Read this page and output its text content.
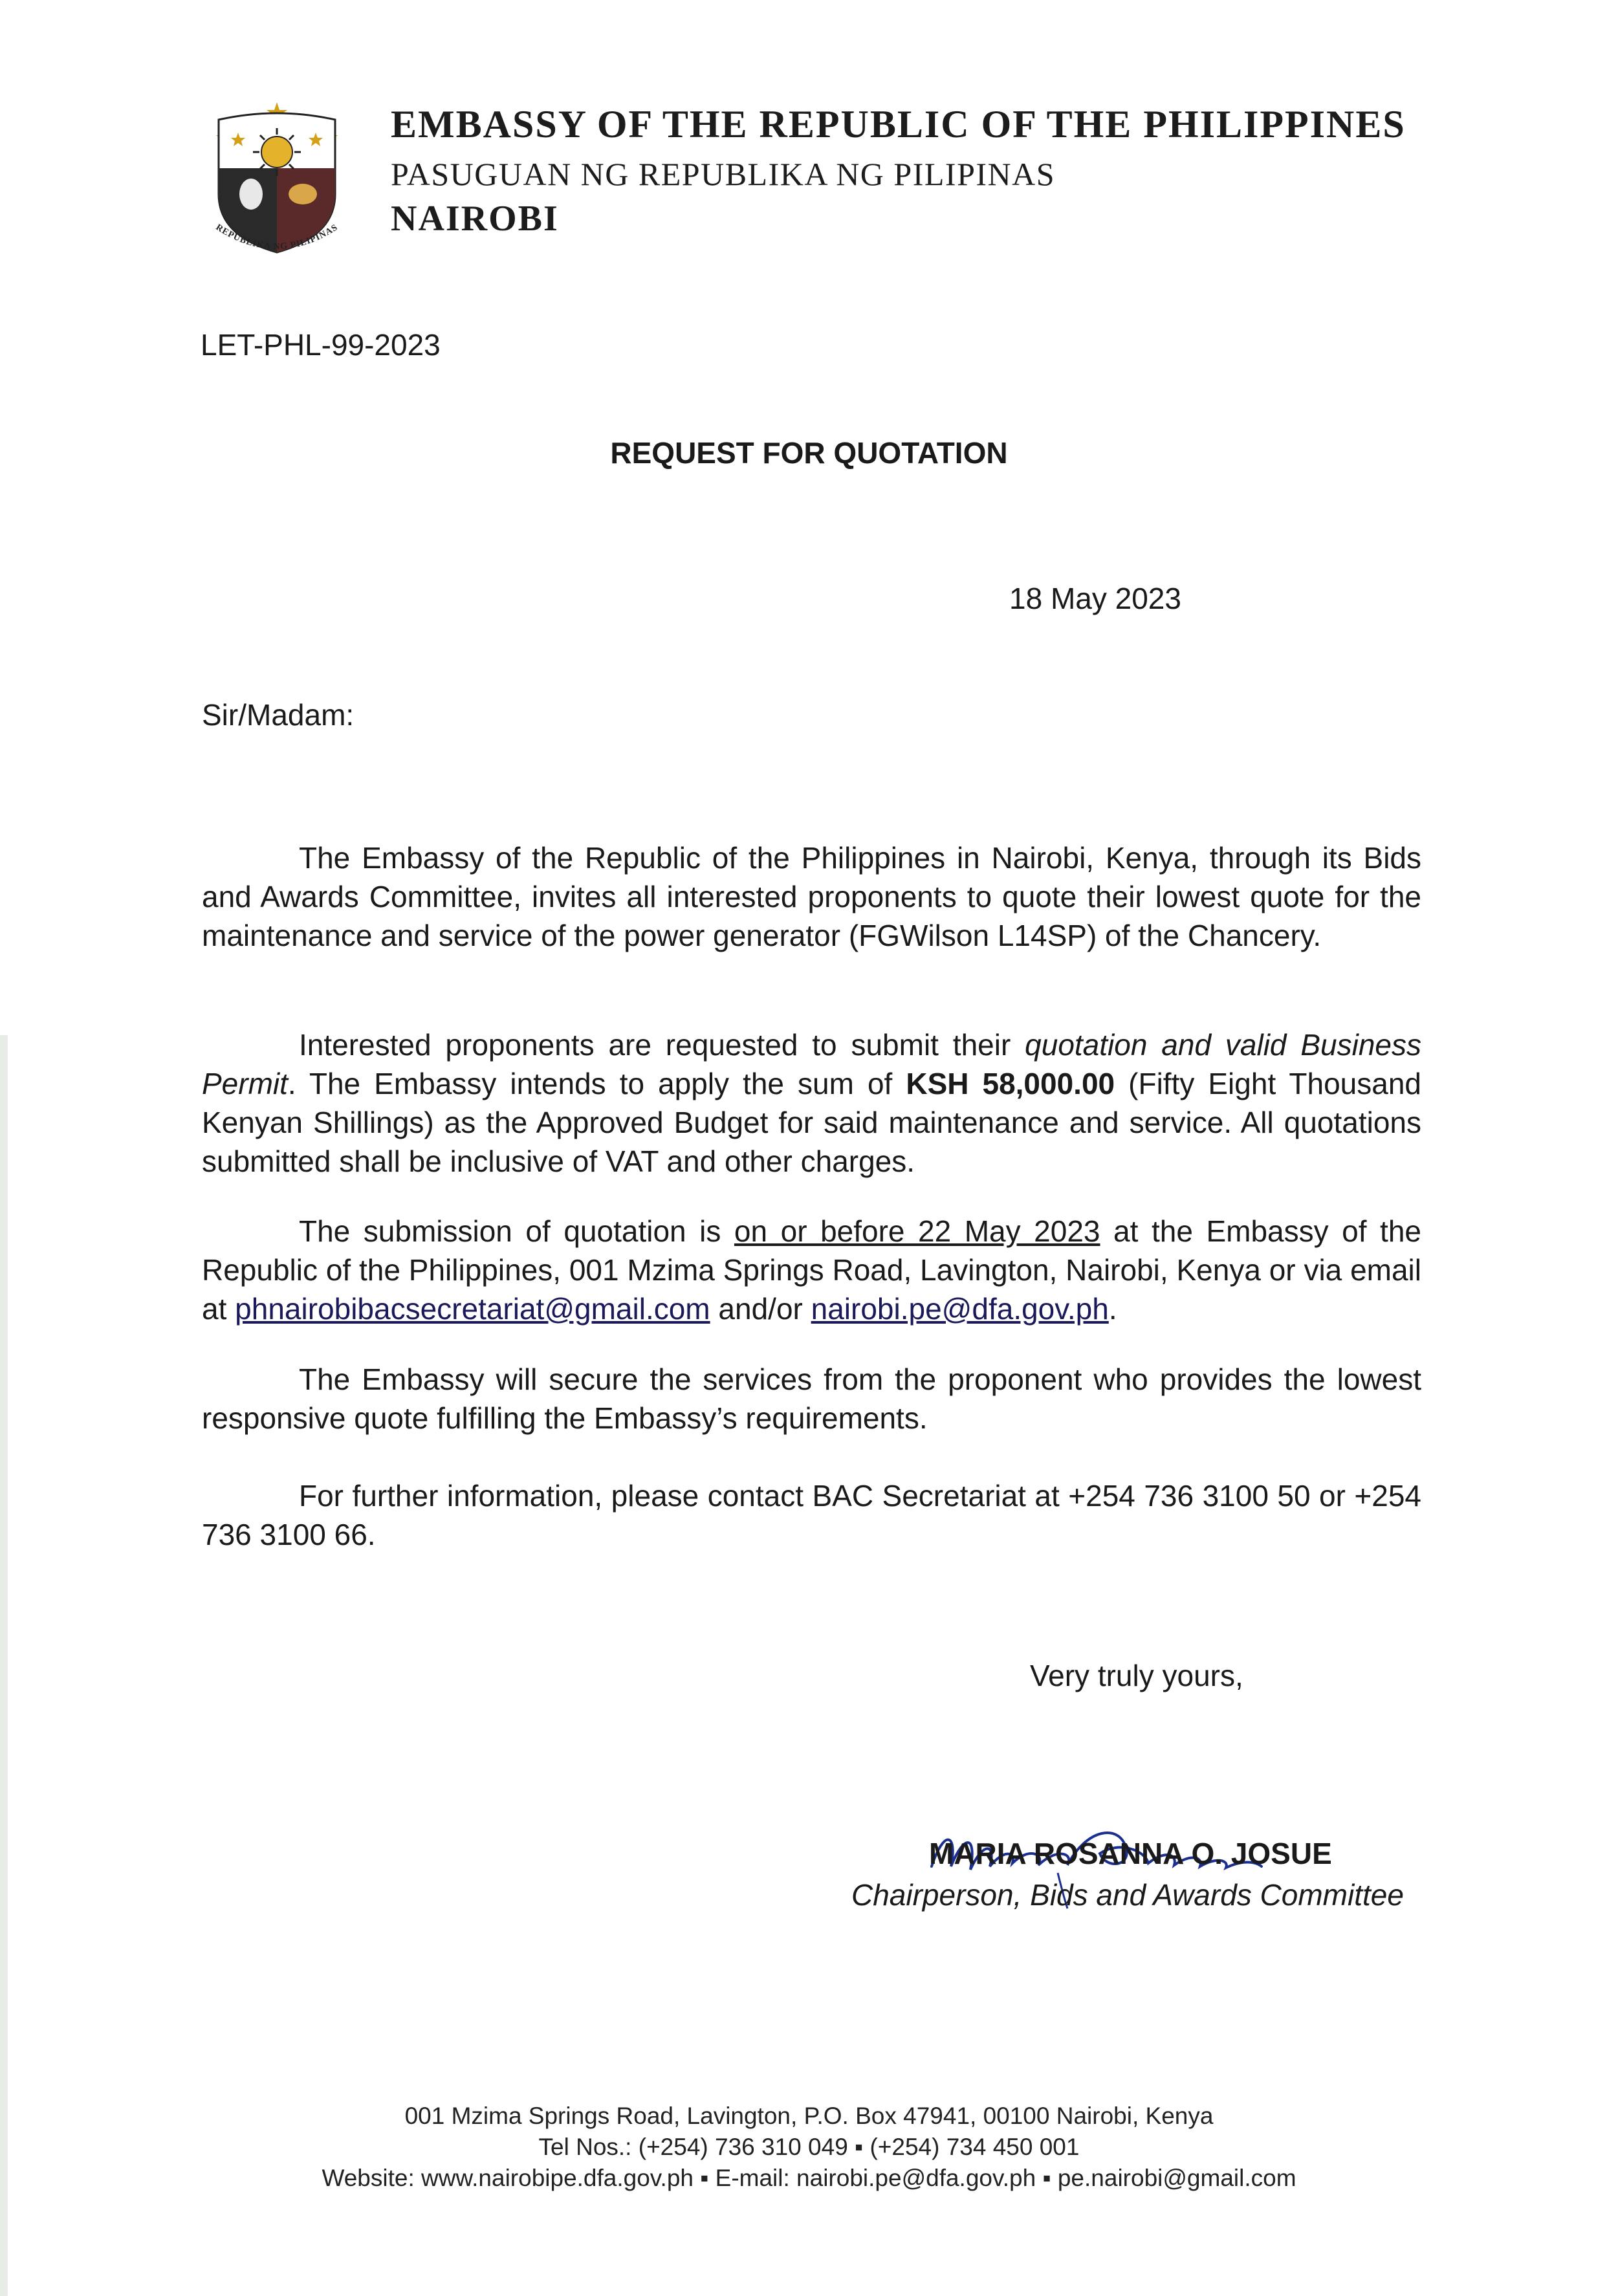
REPUBLIKA NG PILIPINAS
EMBASSY OF THE REPUBLIC OF THE PHILIPPINES
PASUGUAN NG REPUBLIKA NG PILIPINAS
NAIROBI
LET-PHL-99-2023
REQUEST FOR QUOTATION
18 May 2023
Sir/Madam:
The Embassy of the Republic of the Philippines in Nairobi, Kenya, through its Bids and Awards Committee, invites all interested proponents to quote their lowest quote for the maintenance and service of the power generator (FGWilson L14SP) of the Chancery.
Interested proponents are requested to submit their quotation and valid Business Permit. The Embassy intends to apply the sum of KSH 58,000.00 (Fifty Eight Thousand Kenyan Shillings) as the Approved Budget for said maintenance and service. All quotations submitted shall be inclusive of VAT and other charges.
The submission of quotation is on or before 22 May 2023 at the Embassy of the Republic of the Philippines, 001 Mzima Springs Road, Lavington, Nairobi, Kenya or via email at phnairobibacsecretariat@gmail.com and/or nairobi.pe@dfa.gov.ph.
The Embassy will secure the services from the proponent who provides the lowest responsive quote fulfilling the Embassy’s requirements.
For further information, please contact BAC Secretariat at +254 736 3100 50 or +254 736 3100 66.
Very truly yours,
MARIA ROSANNA O. JOSUE
Chairperson, Bids and Awards Committee
001 Mzima Springs Road, Lavington, P.O. Box 47941, 00100 Nairobi, Kenya
Tel Nos.: (+254) 736 310 049 ▪ (+254) 734 450 001
Website: www.nairobipe.dfa.gov.ph ▪ E-mail: nairobi.pe@dfa.gov.ph ▪ pe.nairobi@gmail.com
